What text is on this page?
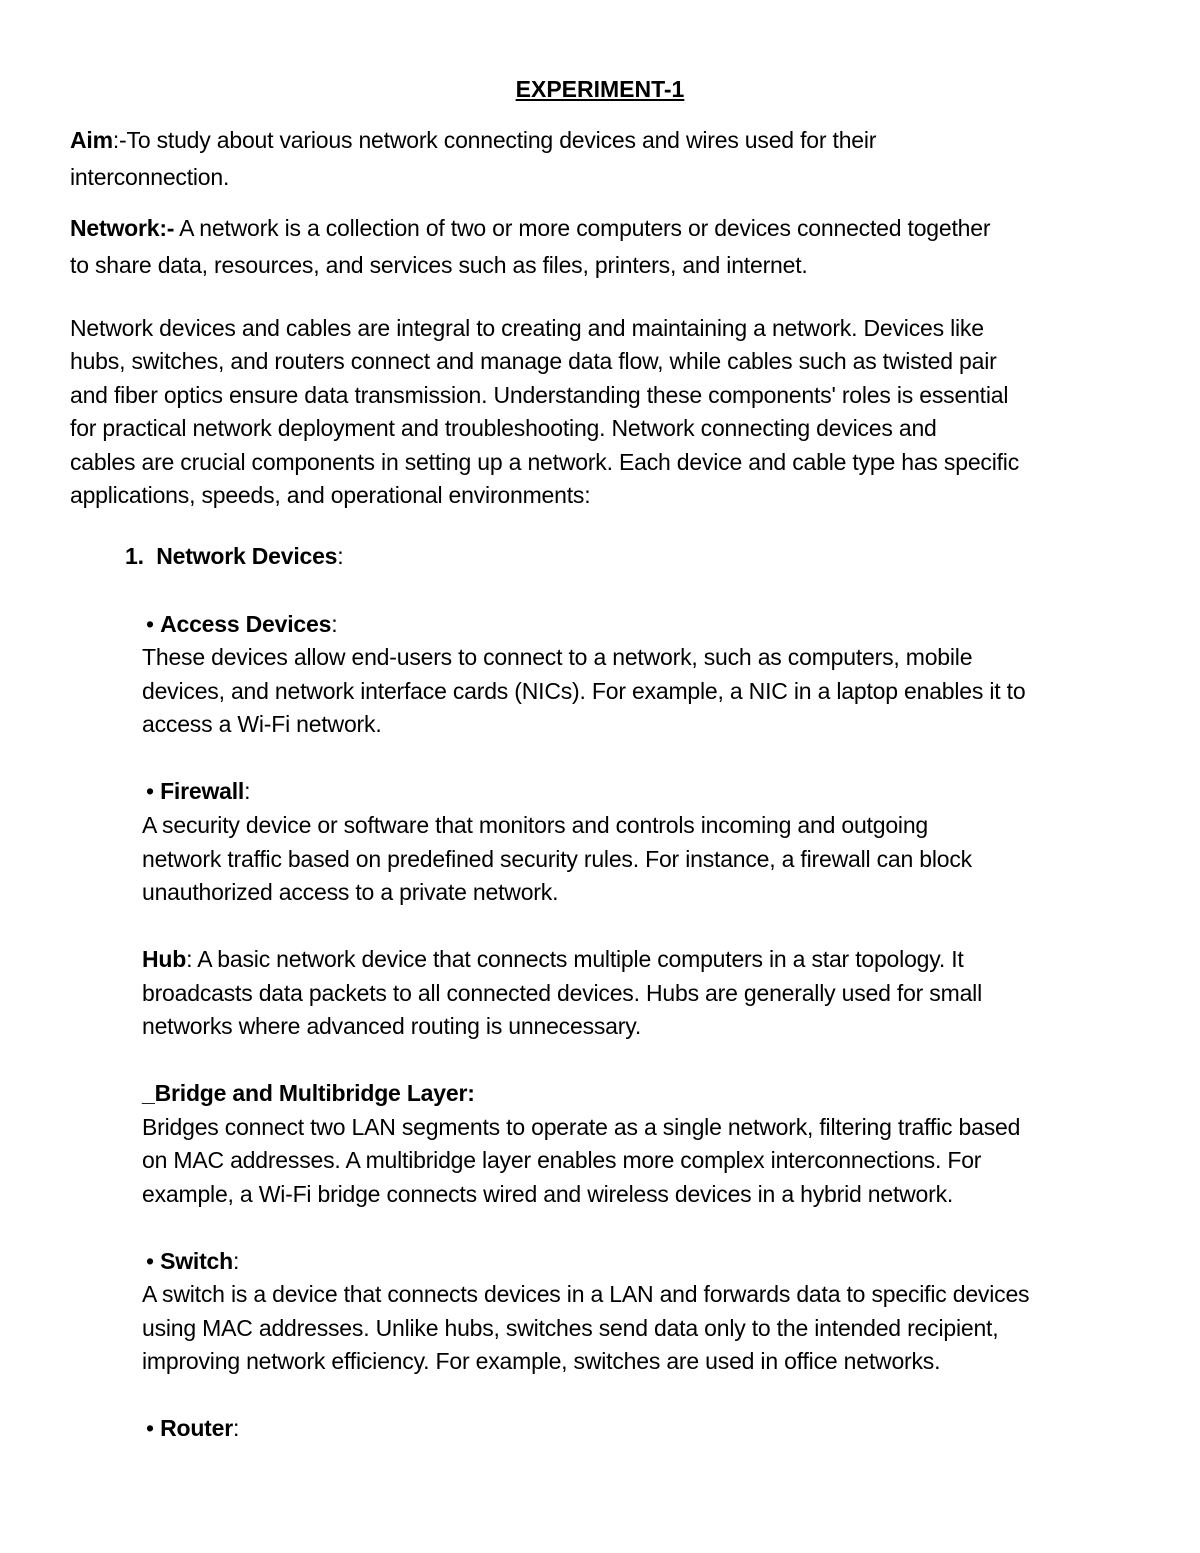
EXPERIMENT-1

Aim:-To study about various network connecting devices and wires used for their

interconnection.

Network:- A network is a collection of two or more computers or devices connected together

to share data, resources, and services such as files, printers, and internet.

Network devices and cables are integral to creating and maintaining a network. Devices like

hubs, switches, and routers connect and manage data flow, while cables such as twisted pair

and fiber optics ensure data transmission. Understanding these components' roles is essential

for practical network deployment and troubleshooting. Network connecting devices and

cables are crucial components in setting up a network. Each device and cable type has specific

applications, speeds, and operational environments:

1. Network Devices:

• Access Devices:

These devices allow end-users to connect to a network, such as computers, mobile

devices, and network interface cards (NICs). For example, a NIC in a laptop enables it to

access a Wi-Fi network.

• Firewall:

A security device or software that monitors and controls incoming and outgoing

network traffic based on predefined security rules. For instance, a firewall can block

unauthorized access to a private network.

Hub: A basic network device that connects multiple computers in a star topology. It

broadcasts data packets to all connected devices. Hubs are generally used for small

networks where advanced routing is unnecessary.

_Bridge and Multibridge Layer:

Bridges connect two LAN segments to operate as a single network, filtering traffic based

on MAC addresses. A multibridge layer enables more complex interconnections. For

example, a Wi-Fi bridge connects wired and wireless devices in a hybrid network.

• Switch:

A switch is a device that connects devices in a LAN and forwards data to specific devices

using MAC addresses. Unlike hubs, switches send data only to the intended recipient,

improving network efficiency. For example, switches are used in office networks.

• Router:
